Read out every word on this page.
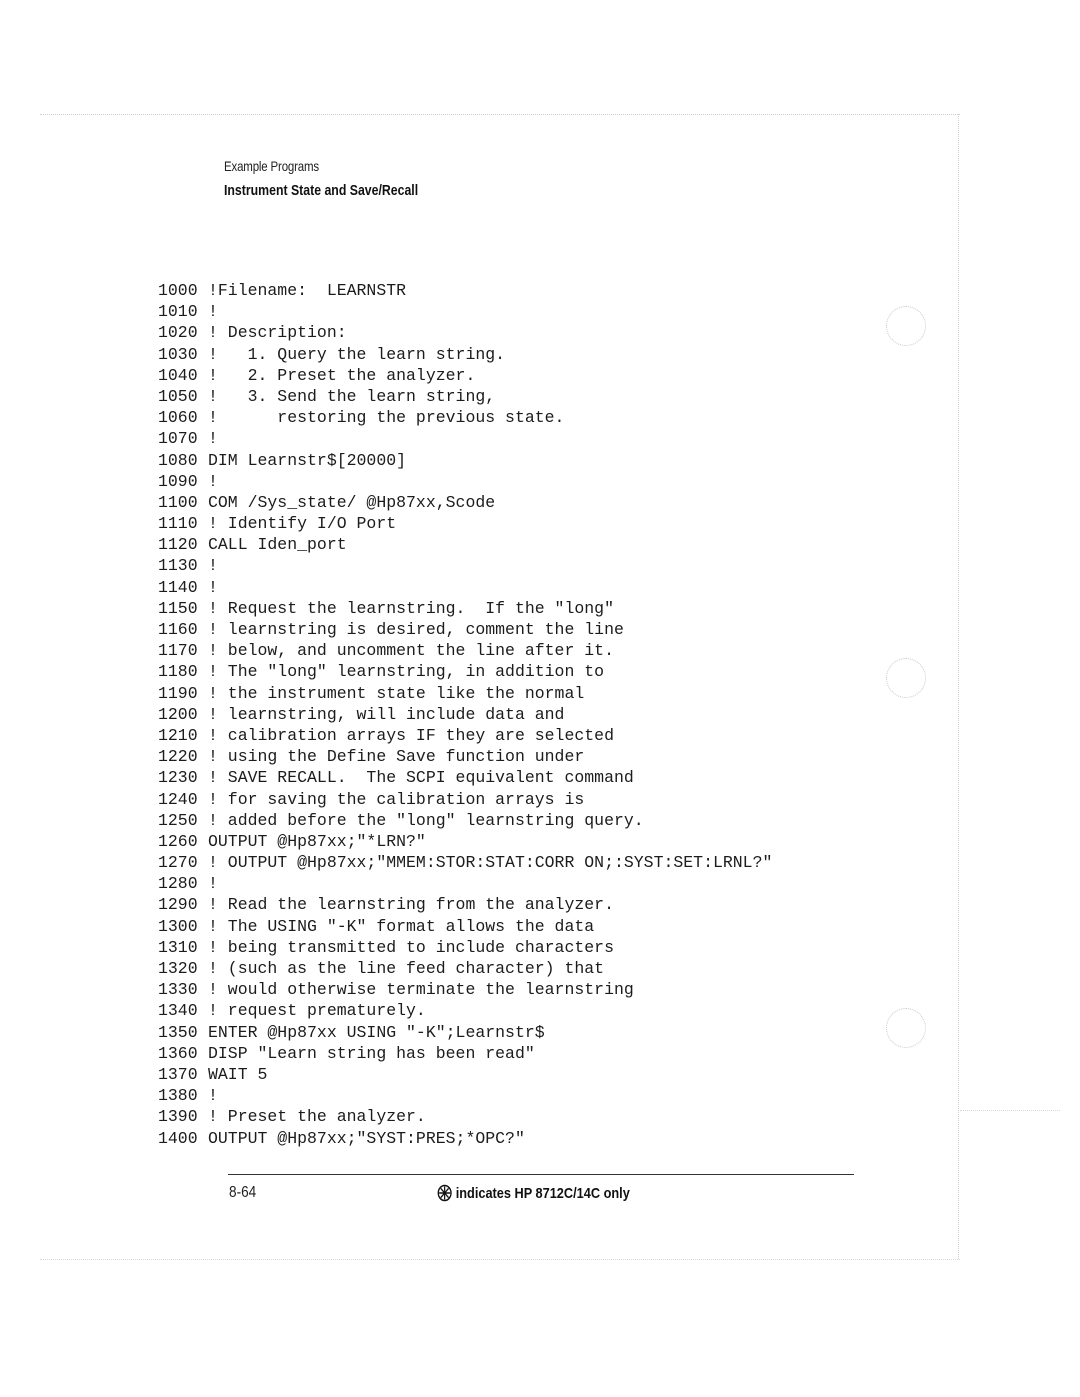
Example Programs
Instrument State and Save/Recall
1000 !Filename:  LEARNSTR
1010 !
1020 ! Description:
1030 !   1. Query the learn string.
1040 !   2. Preset the analyzer.
1050 !   3. Send the learn string,
1060 !      restoring the previous state.
1070 !
1080 DIM Learnstr$[20000]
1090 !
1100 COM /Sys_state/ @Hp87xx,Scode
1110 ! Identify I/O Port
1120 CALL Iden_port
1130 !
1140 !
1150 ! Request the learnstring.  If the "long"
1160 ! learnstring is desired, comment the line
1170 ! below, and uncomment the line after it.
1180 ! The "long" learnstring, in addition to
1190 ! the instrument state like the normal
1200 ! learnstring, will include data and
1210 ! calibration arrays IF they are selected
1220 ! using the Define Save function under
1230 ! SAVE RECALL.  The SCPI equivalent command
1240 ! for saving the calibration arrays is
1250 ! added before the "long" learnstring query.
1260 OUTPUT @Hp87xx;"*LRN?"
1270 ! OUTPUT @Hp87xx;"MMEM:STOR:STAT:CORR ON;:SYST:SET:LRNL?"
1280 !
1290 ! Read the learnstring from the analyzer.
1300 ! The USING "-K" format allows the data
1310 ! being transmitted to include characters
1320 ! (such as the line feed character) that
1330 ! would otherwise terminate the learnstring
1340 ! request prematurely.
1350 ENTER @Hp87xx USING "-K";Learnstr$
1360 DISP "Learn string has been read"
1370 WAIT 5
1380 !
1390 ! Preset the analyzer.
1400 OUTPUT @Hp87xx;"SYST:PRES;*OPC?"
8-64	indicates HP 8712C/14C only
